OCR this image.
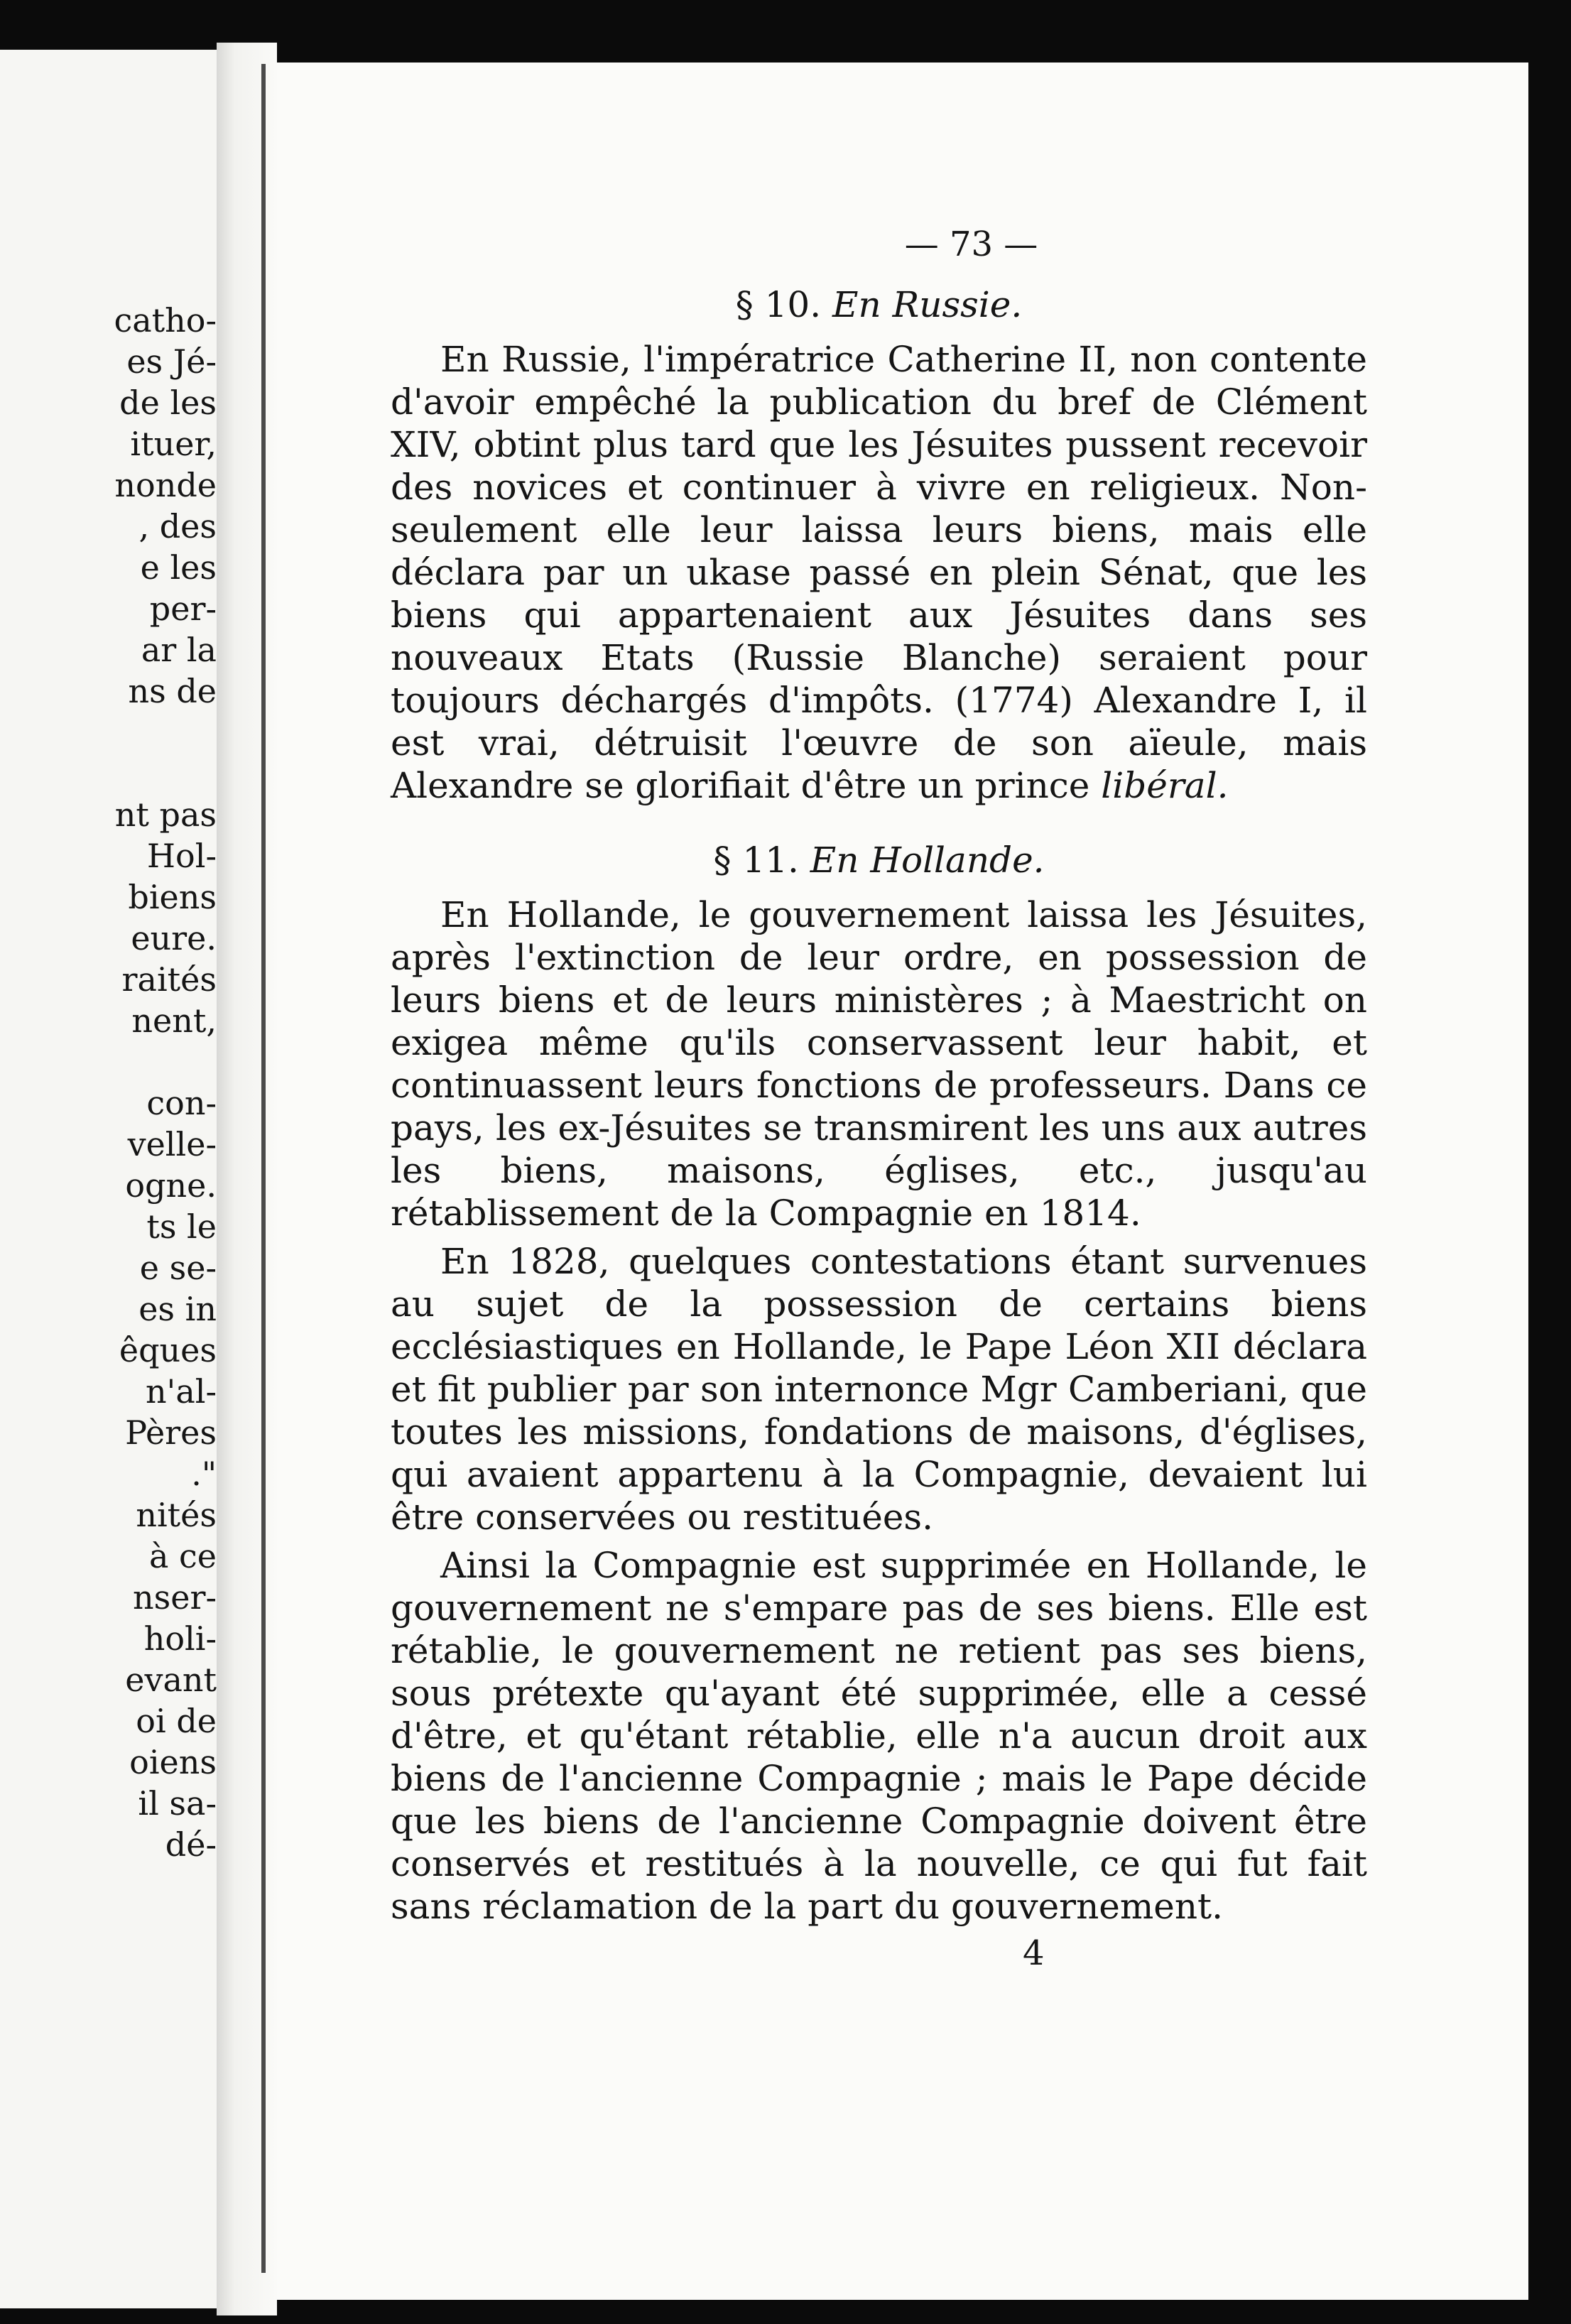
catho-
es Jé-
de les
ituer,
nonde
, des
e les
per-
ar la
ns de
nt pas
Hol-
biens
eure.
raités
nent,
con-
velle-
ogne.
ts le
e se-
es in
êques
n'al-
Pères
."
nités
à ce
nser-
holi-
evant
oi de
oiens
il sa-
dé-
— 73 —
§ 10. En Russie.

En Russie, l'impératrice Catherine II, non contente d'avoir empêché la publication du bref de Clément XIV, obtint plus tard que les Jésuites pussent recevoir des novices et continuer à vivre en religieux. Non-seulement elle leur laissa leurs biens, mais elle déclara par un ukase passé en plein Sénat, que les biens qui appartenaient aux Jésuites dans ses nouveaux Etats (Russie Blanche) seraient pour toujours déchargés d'impôts. (1774) Alexandre I, il est vrai, détruisit l'œuvre de son aïeule, mais Alexandre se glorifiait d'être un prince libéral.

§ 11. En Hollande.

En Hollande, le gouvernement laissa les Jésuites, après l'extinction de leur ordre, en possession de leurs biens et de leurs ministères ; à Maestricht on exigea même qu'ils conservassent leur habit, et continuassent leurs fonctions de professeurs. Dans ce pays, les ex-Jésuites se transmirent les uns aux autres les biens, maisons, églises, etc., jusqu'au rétablissement de la Compagnie en 1814.

En 1828, quelques contestations étant survenues au sujet de la possession de certains biens ecclésiastiques en Hollande, le Pape Léon XII déclara et fit publier par son internonce Mgr Camberiani, que toutes les missions, fondations de maisons, d'églises, qui avaient appartenu à la Compagnie, devaient lui être conservées ou restituées.

Ainsi la Compagnie est supprimée en Hollande, le gouvernement ne s'empare pas de ses biens. Elle est rétablie, le gouvernement ne retient pas ses biens, sous prétexte qu'ayant été supprimée, elle a cessé d'être, et qu'étant rétablie, elle n'a aucun droit aux biens de l'ancienne Compagnie ; mais le Pape décide que les biens de l'ancienne Compagnie doivent être conservés et restitués à la nouvelle, ce qui fut fait sans réclamation de la part du gouvernement.

4
